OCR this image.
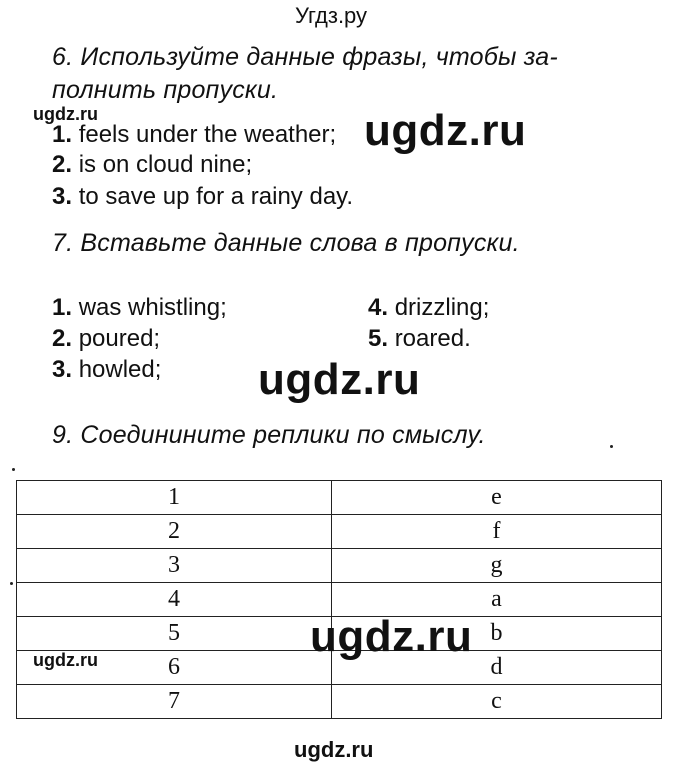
Угдз.ру
6. Используйте данные фразы, чтобы за-
полнить пропуски.
ugdz.ru
1. feels under the weather; ugdz.ru
2. is on cloud nine;
3. to save up for a rainy day.
7. Вставьте данные слова в пропуски.
1. was whistling;
2. poured;
3. howled;
4. drizzling;
5. roared.
ugdz.ru
9. Соединините реплики по смыслу.
1	e
2	f
3	g
4	a
5	b
6	d
7	c
ugdz.ru
ugdz.ru
ugdz.ru
